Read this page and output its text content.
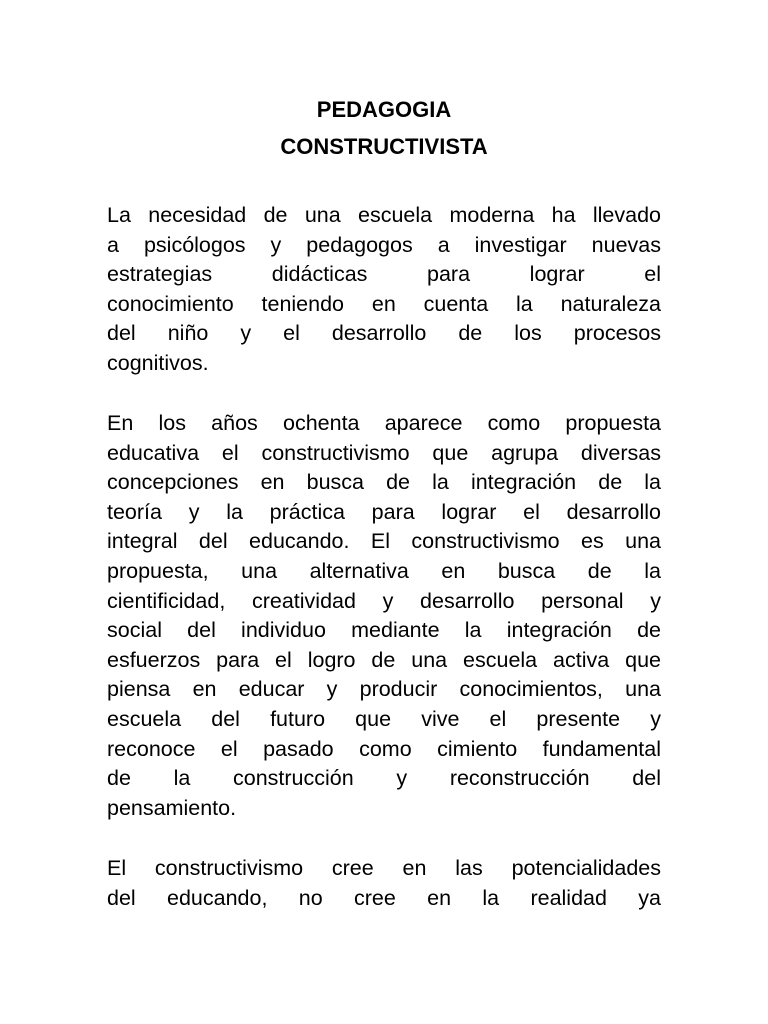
PEDAGOGIA
CONSTRUCTIVISTA
La necesidad de una escuela moderna ha llevado
a psicólogos y pedagogos a investigar nuevas
estrategias didácticas para lograr el
conocimiento teniendo en cuenta la naturaleza
del niño y el desarrollo de los procesos
cognitivos.
En los años ochenta aparece como propuesta
educativa el constructivismo que agrupa diversas
concepciones en busca de la integración de la
teoría y la práctica para lograr el desarrollo
integral del educando. El constructivismo es una
propuesta, una alternativa en busca de la
cientificidad, creatividad y desarrollo personal y
social del individuo mediante la integración de
esfuerzos para el logro de una escuela activa que
piensa en educar y producir conocimientos, una
escuela del futuro que vive el presente y
reconoce el pasado como cimiento fundamental
de la construcción y reconstrucción del
pensamiento.
El constructivismo cree en las potencialidades
del educando, no cree en la realidad ya
